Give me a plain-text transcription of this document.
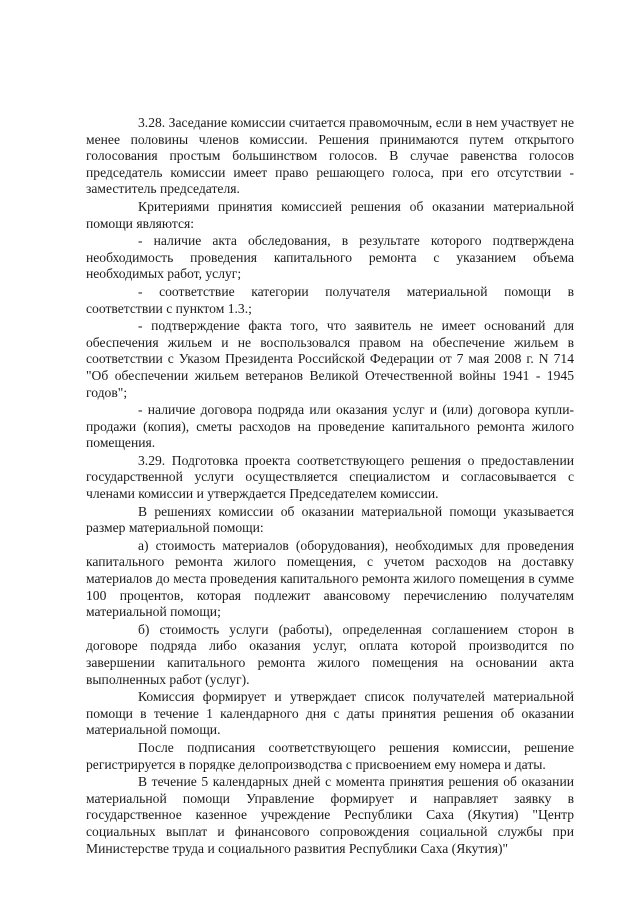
3.28. Заседание комиссии считается правомочным, если в нем участвует не менее половины членов комиссии. Решения принимаются путем открытого голосования простым большинством голосов. В случае равенства голосов председатель комиссии имеет право решающего голоса, при его отсутствии - заместитель председателя.

Критериями принятия комиссией решения об оказании материальной помощи являются:

- наличие акта обследования, в результате которого подтверждена необходимость проведения капитального ремонта с указанием объема необходимых работ, услуг;

- соответствие категории получателя материальной помощи в соответствии с пунктом 1.3.;

- подтверждение факта того, что заявитель не имеет оснований для обеспечения жильем и не воспользовался правом на обеспечение жильем в соответствии с Указом Президента Российской Федерации от 7 мая 2008 г. N 714 "Об обеспечении жильем ветеранов Великой Отечественной войны 1941 - 1945 годов";

- наличие договора подряда или оказания услуг и (или) договора купли-продажи (копия), сметы расходов на проведение капитального ремонта жилого помещения.

3.29. Подготовка проекта соответствующего решения о предоставлении государственной услуги осуществляется специалистом и согласовывается с членами комиссии и утверждается Председателем комиссии.

В решениях комиссии об оказании материальной помощи указывается размер материальной помощи:

а) стоимость материалов (оборудования), необходимых для проведения капитального ремонта жилого помещения, с учетом расходов на доставку материалов до места проведения капитального ремонта жилого помещения в сумме 100 процентов, которая подлежит авансовому перечислению получателям материальной помощи;

б) стоимость услуги (работы), определенная соглашением сторон в договоре подряда либо оказания услуг, оплата которой производится по завершении капитального ремонта жилого помещения на основании акта выполненных работ (услуг).

Комиссия формирует и утверждает список получателей материальной помощи в течение 1 календарного дня с даты принятия решения об оказании материальной помощи.

После подписания соответствующего решения комиссии, решение регистрируется в порядке делопроизводства с присвоением ему номера и даты.

В течение 5 календарных дней с момента принятия решения об оказании материальной помощи Управление формирует и направляет заявку в государственное казенное учреждение Республики Саха (Якутия) "Центр социальных выплат и финансового сопровождения социальной службы при Министерстве труда и социального развития Республики Саха (Якутия)"
